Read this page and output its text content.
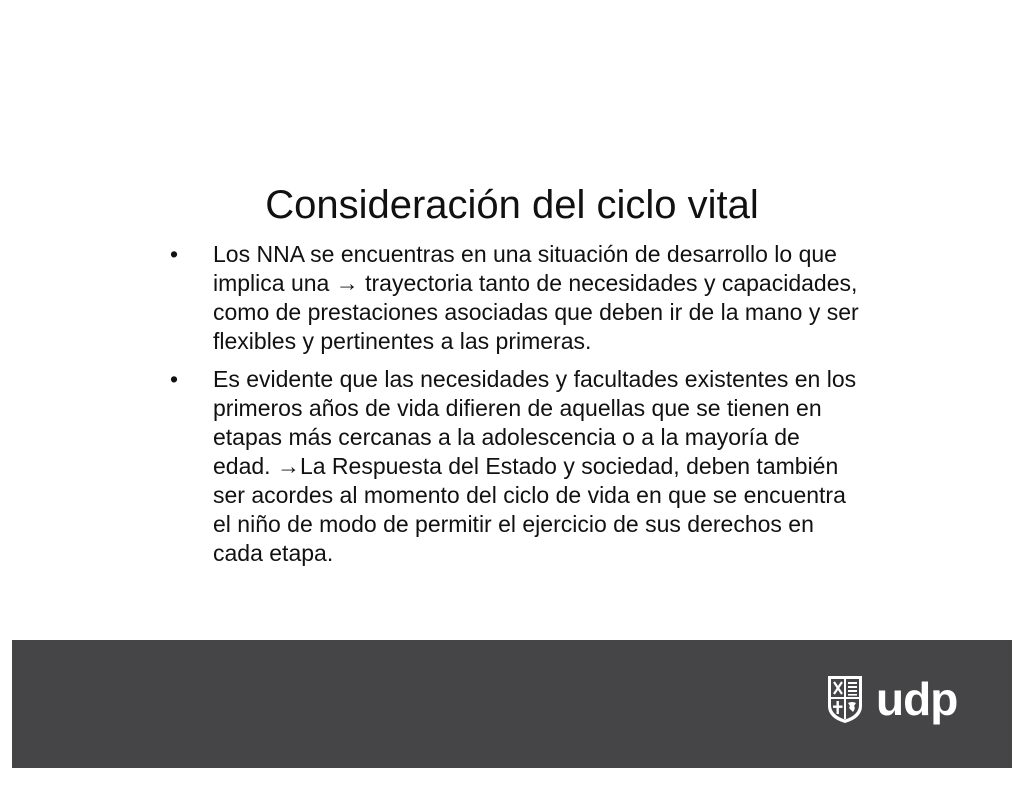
Consideración del ciclo vital
•	Los NNA se encuentras en una situación de desarrollo lo que implica una → trayectoria tanto de necesidades y capacidades, como de prestaciones asociadas que deben ir de la mano y ser flexibles y pertinentes a las primeras.
•	Es evidente que las necesidades y facultades existentes en los primeros años de vida difieren de aquellas que se tienen en etapas más cercanas a la adolescencia o a la mayoría de edad. →La Respuesta del Estado y sociedad, deben también ser acordes al momento del ciclo de vida en que se encuentra el niño de modo de permitir el ejercicio de sus derechos en cada etapa.
udp
